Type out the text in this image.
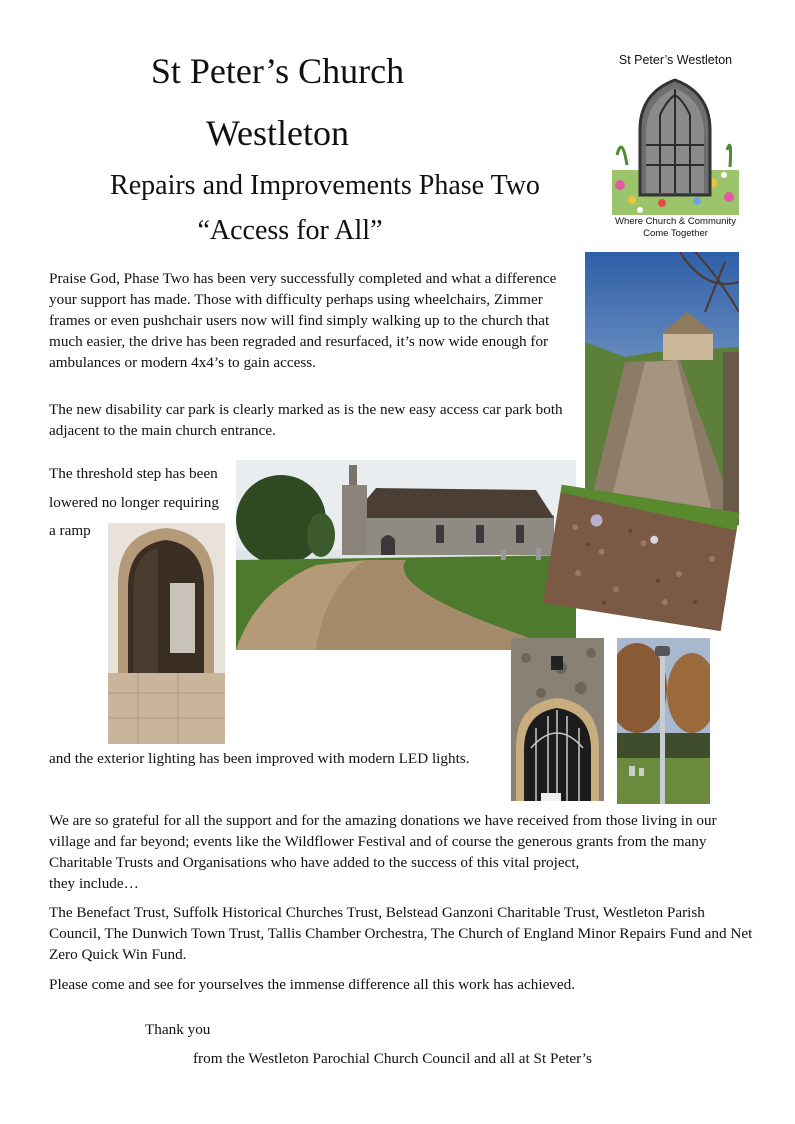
St Peter’s Church
Westleton
Repairs and Improvements Phase Two
“Access for All”
St Peter’s Westleton
Where Church & Community Come Together
Praise God, Phase Two has been very successfully completed and what a difference your support has made. Those with difficulty perhaps using wheelchairs, Zimmer frames or even pushchair users now will find simply walking up to the church that much easier, the drive has been regraded and resurfaced, it’s now wide enough for ambulances or modern 4x4’s to gain access.
The new disability car park is clearly marked as is the new easy access car park both adjacent to the main church entrance.
The threshold step has been
lowered no longer requiring
a ramp
and the exterior lighting has been improved with modern LED lights.
We are so grateful for all the support and for the amazing donations we have received from those living in our village and far beyond; events like the Wildflower Festival and of course the generous grants from the many Charitable Trusts and Organisations who have added to the success of this vital project,
they include…
The Benefact Trust, Suffolk Historical Churches Trust, Belstead Ganzoni Charitable Trust, Westleton Parish Council, The Dunwich Town Trust, Tallis Chamber Orchestra, The Church of England Minor Repairs Fund and Net Zero Quick Win Fund.
Please come and see for yourselves the immense difference all this work has achieved.
Thank you
from the Westleton Parochial Church Council and all at St Peter’s
